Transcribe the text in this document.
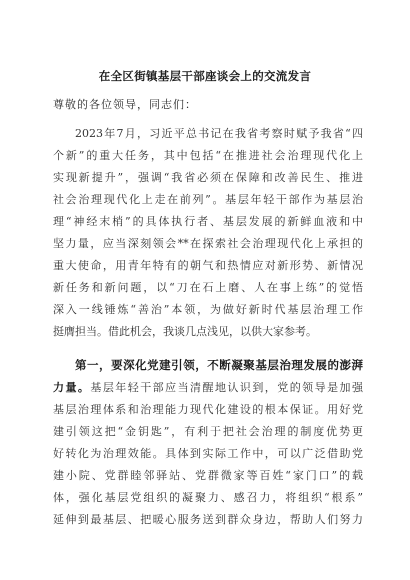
在全区街镇基层干部座谈会上的交流发言
尊敬的各位领导，同志们：
2023年7月，习近平总书记在我省考察时赋予我省“四
个新”的重大任务，其中包括“在推进社会治理现代化上
实现新提升”，强调“我省必须在保障和改善民生、推进
社会治理现代化上走在前列”。基层年轻干部作为基层治
理“神经末梢”的具体执行者、基层发展的新鲜血液和中
坚力量，应当深刻领会**在探索社会治理现代化上承担的
重大使命，用青年特有的朝气和热情应对新形势、新情况
新任务和新问题，以“刀在石上磨、人在事上练”的觉悟
深入一线锤炼“善治”本领，为做好新时代基层治理工作
挺膺担当。借此机会，我谈几点浅见，以供大家参考。
第一，要深化党建引领，不断凝聚基层治理发展的澎湃
力量。基层年轻干部应当清醒地认识到，党的领导是加强
基层治理体系和治理能力现代化建设的根本保证。用好党
建引领这把“金钥匙”，有利于把社会治理的制度优势更
好转化为治理效能。具体到实际工作中，可以广泛借助党
建小院、党群睦邻驿站、党群微家等百姓“家门口”的载
体，强化基层党组织的凝聚力、感召力，将组织“根系”
延伸到最基层、把暖心服务送到群众身边，帮助人们努力
